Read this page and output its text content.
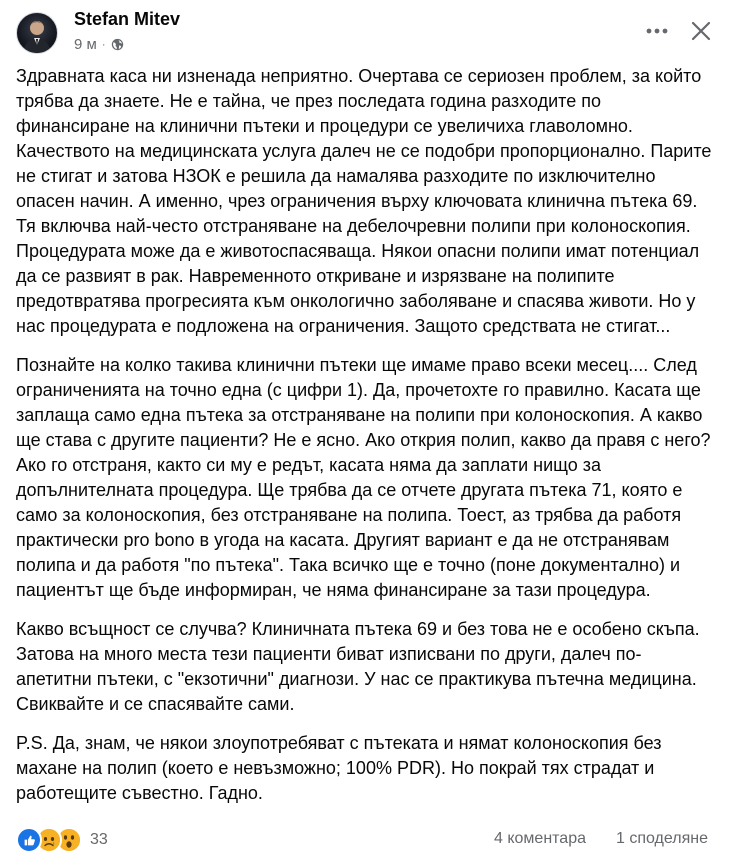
Stefan Mitev
9 м ·

Здравната каса ни изненада неприятно. Очертава се сериозен проблем, за който трябва да знаете. Не е тайна, че през последата година разходите по финансиране на клинични пътеки и процедури се увеличиха главоломно. Качеството на медицинската услуга далеч не се подобри пропорционално. Парите не стигат и затова НЗОК е решила да намалява разходите по изключително опасен начин. А именно, чрез ограничения върху ключовата клинична пътека 69. Тя включва най-често отстраняване на дебелочревни полипи при колоноскопия. Процедурата може да е животоспасяваща. Някои опасни полипи имат потенциал да се развият в рак. Навременното откриване и изрязване на полипите предотвратява прогресията към онкологично заболяване и спасява животи. Но у нас процедурата е подложена на ограничения. Защото средствата не стигат...

Познайте на колко такива клинични пътеки ще имаме право всеки месец.... След ограниченията на точно една (с цифри 1). Да, прочетохте го правилно. Касата ще заплаща само една пътека за отстраняване на полипи при колоноскопия. А какво ще става с другите пациенти? Не е ясно. Ако открия полип, какво да правя с него? Ако го отстраня, както си му е редът, касата няма да заплати нищо за допълнителната процедура. Ще трябва да се отчете другата пътека 71, която е само за колоноскопия, без отстраняване на полипа. Тоест, аз трябва да работя практически pro bono в угода на касата. Другият вариант е да не отстранявам полипа и да работя "по пътека". Така всичко ще е точно (поне документално) и пациентът ще бъде информиран, че няма финансиране за тази процедура.

Какво всъщност се случва? Клиничната пътека 69 и без това не е особено скъпа. Затова на много места тези пациенти биват изписвани по други, далеч по-апетитни пътеки, с "екзотични" диагнози. У нас се практикува пътечна медицина. Свиквайте и се спасявайте сами.

P.S. Да, знам, че някои злоупотребяват с пътеката и нямат колоноскопия без махане на полип (което е невъзможно; 100% PDR). Но покрай тях страдат и работещите съвестно. Гадно.

33	4 коментара 1 споделяне
